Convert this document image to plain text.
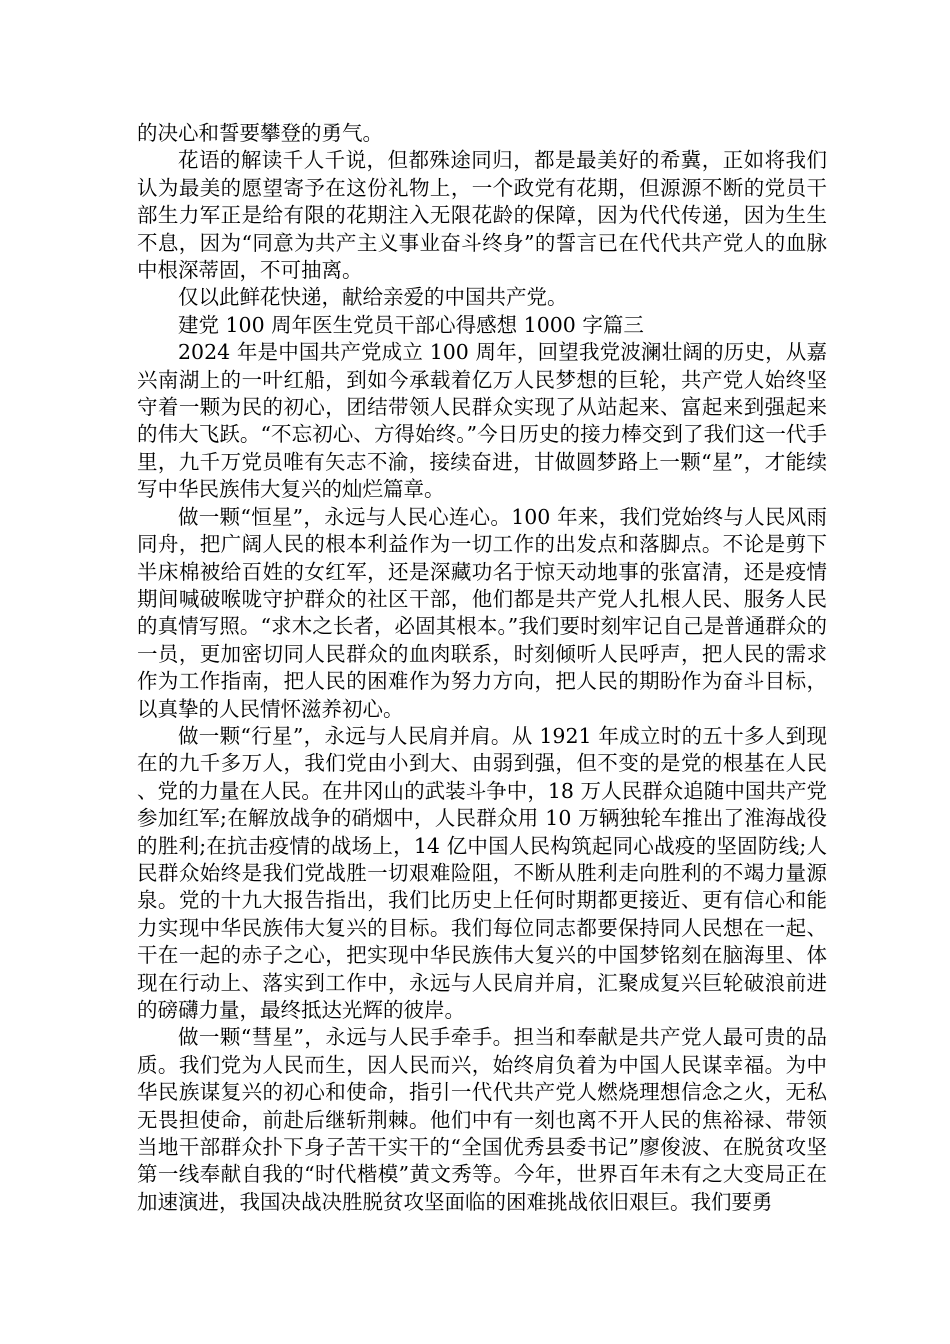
的决心和誓要攀登的勇气。

花语的解读千人千说，但都殊途同归，都是最美好的希冀，正如将我们认为最美的愿望寄予在这份礼物上，一个政党有花期，但源源不断的党员干部生力军正是给有限的花期注入无限花龄的保障，因为代代传递，因为生生不息，因为“同意为共产主义事业奋斗终身”的誓言已在代代共产党人的血脉中根深蒂固，不可抽离。

仅以此鲜花快递，献给亲爱的中国共产党。

建党 100 周年医生党员干部心得感想 1000 字篇三

2024 年是中国共产党成立 100 周年，回望我党波澜壮阔的历史，从嘉兴南湖上的一叶红船，到如今承载着亿万人民梦想的巨轮，共产党人始终坚守着一颗为民的初心，团结带领人民群众实现了从站起来、富起来到强起来的伟大飞跃。“不忘初心、方得始终。”今日历史的接力棒交到了我们这一代手里，九千万党员唯有矢志不渝，接续奋进，甘做圆梦路上一颗“星”，才能续写中华民族伟大复兴的灿烂篇章。

做一颗“恒星”，永远与人民心连心。100 年来，我们党始终与人民风雨同舟，把广阔人民的根本利益作为一切工作的出发点和落脚点。不论是剪下半床棉被给百姓的女红军，还是深藏功名于惊天动地事的张富清，还是疫情期间喊破喉咙守护群众的社区干部，他们都是共产党人扎根人民、服务人民的真情写照。“求木之长者，必固其根本。”我们要时刻牢记自己是普通群众的一员，更加密切同人民群众的血肉联系，时刻倾听人民呼声，把人民的需求作为工作指南，把人民的困难作为努力方向，把人民的期盼作为奋斗目标，以真挚的人民情怀滋养初心。

做一颗“行星”，永远与人民肩并肩。从 1921 年成立时的五十多人到现在的九千多万人，我们党由小到大、由弱到强，但不变的是党的根基在人民、党的力量在人民。在井冈山的武装斗争中，18 万人民群众追随中国共产党参加红军;在解放战争的硝烟中，人民群众用 10 万辆独轮车推出了淮海战役的胜利;在抗击疫情的战场上，14 亿中国人民构筑起同心战疫的坚固防线;人民群众始终是我们党战胜一切艰难险阻，不断从胜利走向胜利的不竭力量源泉。党的十九大报告指出，我们比历史上任何时期都更接近、更有信心和能力实现中华民族伟大复兴的目标。我们每位同志都要保持同人民想在一起、干在一起的赤子之心，把实现中华民族伟大复兴的中国梦铭刻在脑海里、体现在行动上、落实到工作中，永远与人民肩并肩，汇聚成复兴巨轮破浪前进的磅礴力量，最终抵达光辉的彼岸。

做一颗“彗星”，永远与人民手牵手。担当和奉献是共产党人最可贵的品质。我们党为人民而生，因人民而兴，始终肩负着为中国人民谋幸福。为中华民族谋复兴的初心和使命，指引一代代共产党人燃烧理想信念之火，无私无畏担使命，前赴后继斩荆棘。他们中有一刻也离不开人民的焦裕禄、带领当地干部群众扑下身子苦干实干的“全国优秀县委书记”廖俊波、在脱贫攻坚第一线奉献自我的“时代楷模”黄文秀等。今年，世界百年未有之大变局正在加速演进，我国决战决胜脱贫攻坚面临的困难挑战依旧艰巨。我们要勇
